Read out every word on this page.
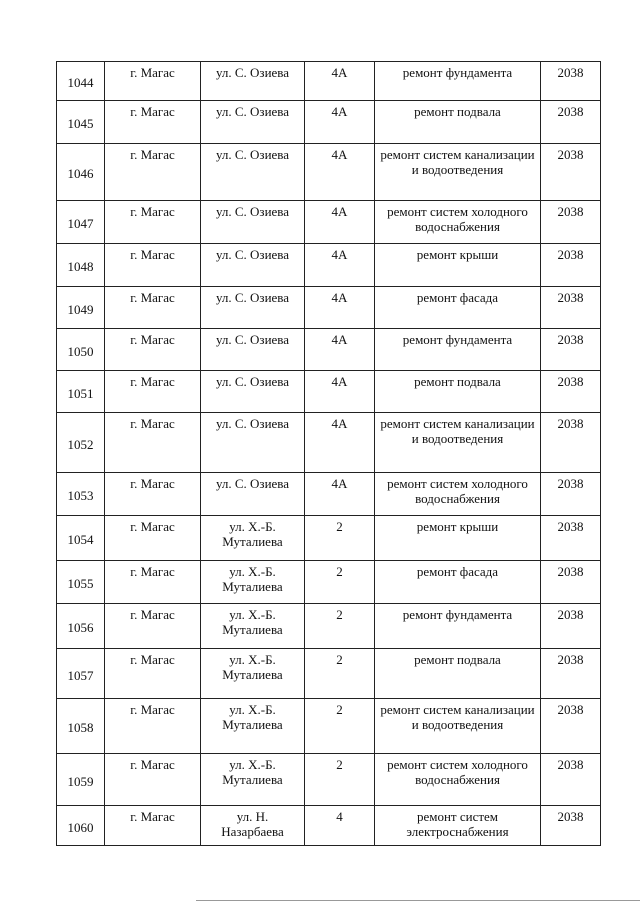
1044	г. Магас	ул. С. Озиева	4А	ремонт фундамента	2038
1045	г. Магас	ул. С. Озиева	4А	ремонт подвала	2038
1046	г. Магас	ул. С. Озиева	4А	ремонт систем канализации и водоотведения	2038
1047	г. Магас	ул. С. Озиева	4А	ремонт систем холодного водоснабжения	2038
1048	г. Магас	ул. С. Озиева	4А	ремонт крыши	2038
1049	г. Магас	ул. С. Озиева	4А	ремонт фасада	2038
1050	г. Магас	ул. С. Озиева	4А	ремонт фундамента	2038
1051	г. Магас	ул. С. Озиева	4А	ремонт подвала	2038
1052	г. Магас	ул. С. Озиева	4А	ремонт систем канализации и водоотведения	2038
1053	г. Магас	ул. С. Озиева	4А	ремонт систем холодного водоснабжения	2038
1054	г. Магас	ул. Х.-Б. Муталиева	2	ремонт крыши	2038
1055	г. Магас	ул. Х.-Б. Муталиева	2	ремонт фасада	2038
1056	г. Магас	ул. Х.-Б. Муталиева	2	ремонт фундамента	2038
1057	г. Магас	ул. Х.-Б. Муталиева	2	ремонт подвала	2038
1058	г. Магас	ул. Х.-Б. Муталиева	2	ремонт систем канализации и водоотведения	2038
1059	г. Магас	ул. Х.-Б. Муталиева	2	ремонт систем холодного водоснабжения	2038
1060	г. Магас	ул. Н. Назарбаева	4	ремонт систем электроснабжения	2038
